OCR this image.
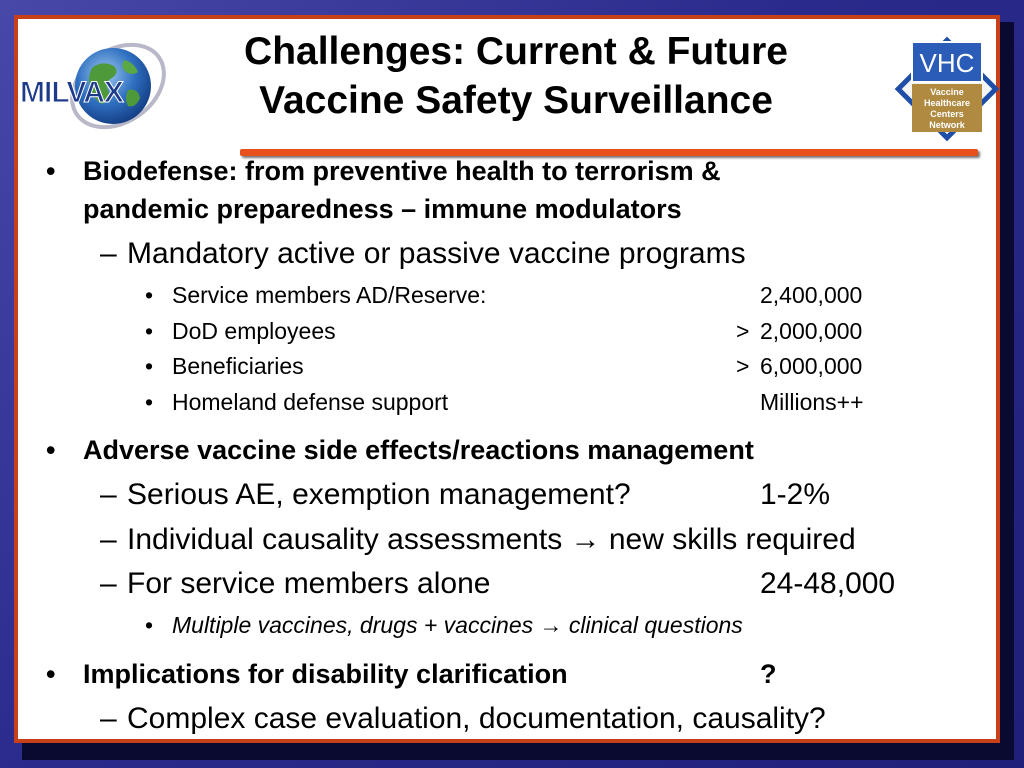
MILVAX
VHC
Vaccine
Healthcare
Centers
Network
Challenges: Current & Future
Vaccine Safety Surveillance
• Biodefense: from preventive health to terrorism &
pandemic preparedness – immune modulators
– Mandatory active or passive vaccine programs
• Service members AD/Reserve:	2,400,000
• DoD employees	> 2,000,000
• Beneficiaries	> 6,000,000
• Homeland defense support	Millions++
• Adverse vaccine side effects/reactions management
– Serious AE, exemption management?	1-2%
– Individual causality assessments → new skills required
– For service members alone	24-48,000
• Multiple vaccines, drugs + vaccines → clinical questions
• Implications for disability clarification	?
– Complex case evaluation, documentation, causality?
